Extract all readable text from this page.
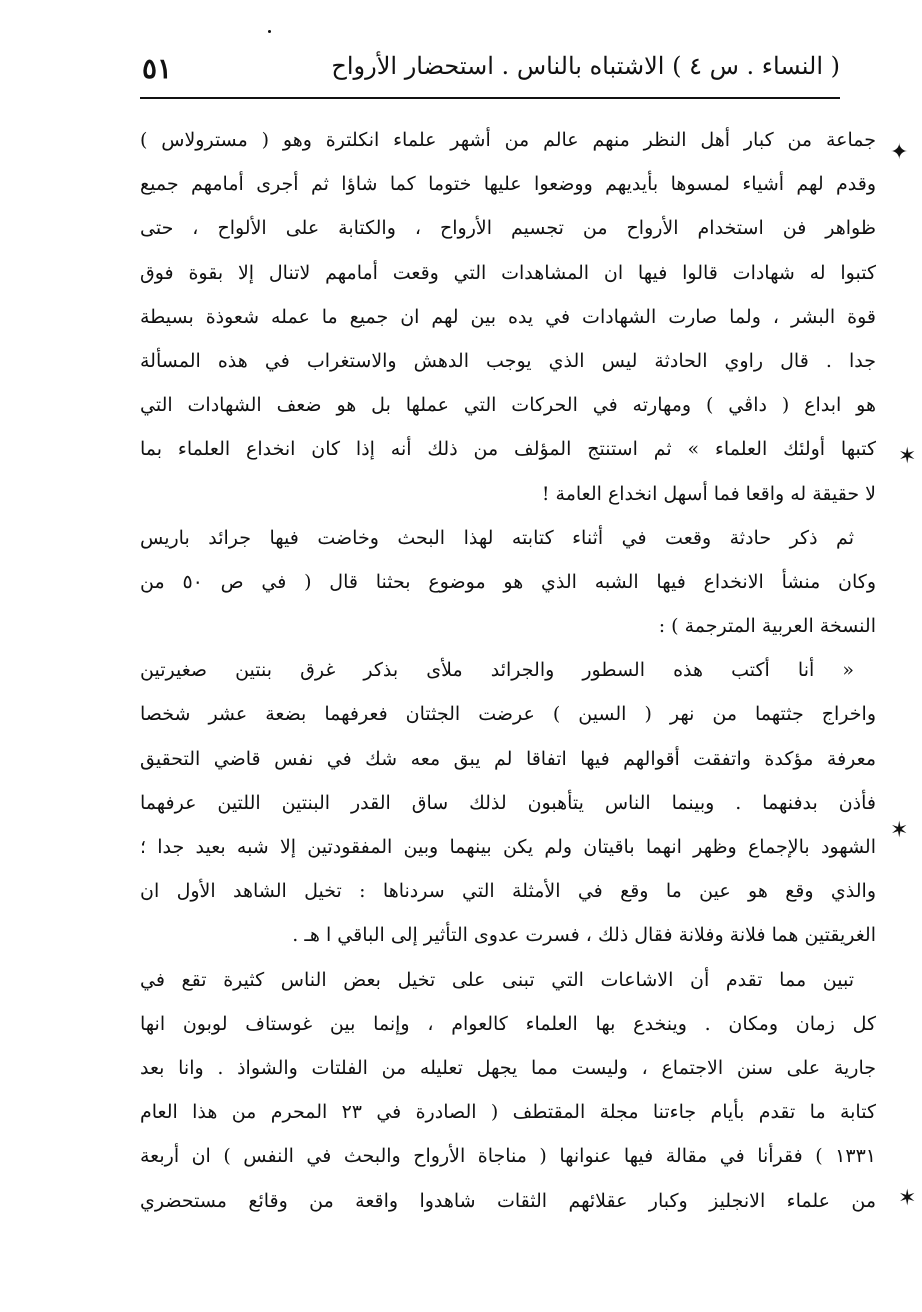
( النساء . س ٤ ) الاشتباه بالناس . استحضار الأرواح
٥١
جماعة من كبار أهل النظر منهم عالم من أشهر علماء انكلترة وهو ( مسترولاس )
وقدم لهم أشياء لمسوها بأيديهم ووضعوا عليها ختوما كما شاؤا ثم أجرى أمامهم جميع
ظواهر فن استخدام الأرواح من تجسيم الأرواح ، والكتابة على الألواح ، حتى
كتبوا له شهادات قالوا فيها ان المشاهدات التي وقعت أمامهم لاتنال إلا بقوة فوق
قوة البشر ، ولما صارت الشهادات في يده بين لهم ان جميع ما عمله شعوذة بسيطة
جدا . قال راوي الحادثة ليس الذي يوجب الدهش والاستغراب في هذه المسألة
هو ابداع ( داڤي ) ومهارته في الحركات التي عملها بل هو ضعف الشهادات التي
كتبها أولئك العلماء » ثم استنتج المؤلف من ذلك أنه إذا كان انخداع العلماء بما
لا حقيقة له واقعا فما أسهل انخداع العامة !
ثم ذكر حادثة وقعت في أثناء كتابته لهذا البحث وخاضت فيها جرائد باريس
وكان منشأ الانخداع فيها الشبه الذي هو موضوع بحثنا قال ( في ص ٥٠ من
النسخة العربية المترجمة ) :
« أنا أكتب هذه السطور والجرائد ملأى بذكر غرق بنتين صغيرتين
واخراج جثتهما من نهر ( السين ) عرضت الجثتان فعرفهما بضعة عشر شخصا
معرفة مؤكدة واتفقت أقوالهم فيها اتفاقا لم يبق معه شك في نفس قاضي التحقيق
فأذن بدفنهما . وبينما الناس يتأهبون لذلك ساق القدر البنتين اللتين عرفهما
الشهود بالإجماع وظهر انهما باقيتان ولم يكن بينهما وبين المفقودتين إلا شبه بعيد جدا ؛
والذي وقع هو عين ما وقع في الأمثلة التي سردناها : تخيل الشاهد الأول ان
الغريقتين هما فلانة وفلانة فقال ذلك ، فسرت عدوى التأثير إلى الباقي ا هـ .
تبين مما تقدم أن الاشاعات التي تبنى على تخيل بعض الناس كثيرة تقع في
كل زمان ومكان . وينخدع بها العلماء كالعوام ، وإنما بين غوستاف لوبون انها
جارية على سنن الاجتماع ، وليست مما يجهل تعليله من الفلتات والشواذ . وانا بعد
كتابة ما تقدم بأيام جاءتنا مجلة المقتطف ( الصادرة في ٢٣ المحرم من هذا العام
١٣٣١ ) فقرأنا في مقالة فيها عنوانها ( مناجاة الأرواح والبحث في النفس ) ان أربعة
من علماء الانجليز وكبار عقلائهم الثقات شاهدوا واقعة من وقائع مستحضري
✦
✶
✶
✶
